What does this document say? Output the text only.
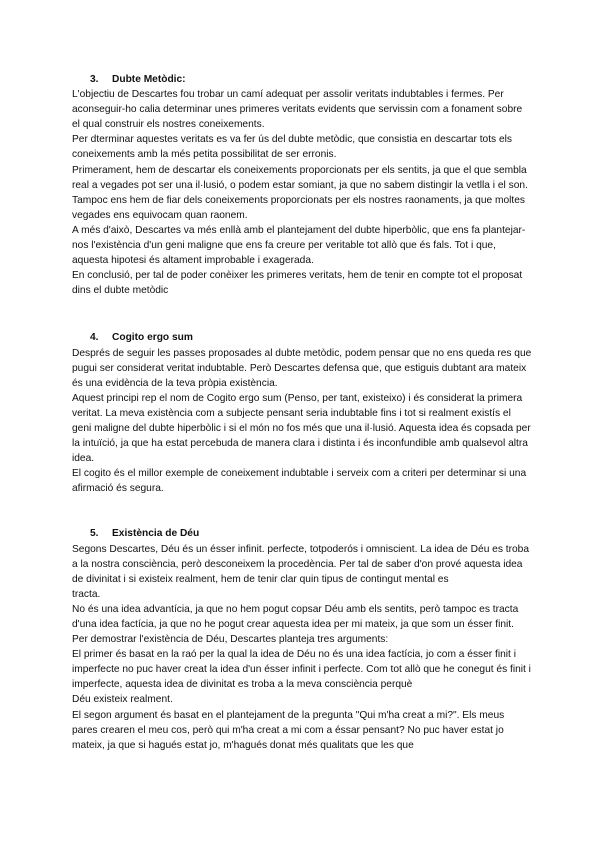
3.	Dubte Metòdic:

L'objectiu de Descartes fou trobar un camí adequat per assolir veritats indubtables i fermes. Per aconseguir-ho calia determinar unes primeres veritats evidents que servissin com a fonament sobre el qual construir els nostres coneixements.

Per dterminar aquestes veritats es va fer ús del dubte metòdic, que consistia en descartar tots els coneixements amb la més petita possibilitat de ser erronis.

Primerament, hem de descartar els coneixements proporcionats per els sentits, ja que el que sembla real a vegades pot ser una il·lusió, o podem estar somiant, ja que no sabem distingir la vetlla i el son. Tampoc ens hem de fiar dels coneixements proporcionats per els nostres raonaments, ja que moltes vegades ens equivocam quan raonem.

A més d'això, Descartes va més enllà amb el plantejament del dubte hiperbòlic, que ens fa plantejar-nos l'existència d'un geni maligne que ens fa creure per veritable tot allò que és fals. Tot i que, aquesta hipotesi és altament improbable i exagerada.

En conclusió, per tal de poder conèixer les primeres veritats, hem de tenir en compte tot el proposat dins el dubte metòdic

4.	Cogito ergo sum

Després de seguir les passes proposades al dubte metòdic, podem pensar que no ens queda res que pugui ser considerat veritat indubtable. Però Descartes defensa que, que estiguis dubtant ara mateix és una evidència de la teva pròpia existència.

Aquest principi rep el nom de Cogito ergo sum (Penso, per tant, existeixo) i és considerat la primera veritat. La meva existència com a subjecte pensant seria indubtable fins i tot si realment existís el geni maligne del dubte hiperbòlic i si el món no fos més que una il·lusió. Aquesta idea és copsada per la intuïció, ja que ha estat percebuda de manera clara i distinta i és inconfundible amb qualsevol altra idea.

El cogito és el millor exemple de coneixement indubtable i serveix com a criteri per determinar si una afirmació és segura.

5.	Existència de Déu

Segons Descartes, Déu és un ésser infinit. perfecte, totpoderós i omniscient. La idea de Déu es troba a la nostra consciència, però desconeixem la procedència. Per tal de saber d'on prové aquesta idea de divinitat i si existeix realment, hem de tenir clar quin tipus de contingut mental es

tracta.

No és una idea advantícia, ja que no hem pogut copsar Déu amb els sentits, però tampoc es tracta d'una idea factícia, ja que no he pogut crear aquesta idea per mi mateix, ja que som un ésser finit.

Per demostrar l'existència de Déu, Descartes planteja tres arguments:

El primer és basat en la raó per la qual la idea de Déu no és una idea factícia, jo com a ésser finit i imperfecte no puc haver creat la idea d'un ésser infinit i perfecte. Com tot allò que he conegut és finit i imperfecte, aquesta idea de divinitat es troba a la meva consciència perquè

Déu existeix realment.

El segon argument és basat en el plantejament de la pregunta "Qui m'ha creat a mi?". Els meus pares crearen el meu cos, però qui m'ha creat a mi com a éssar pensant? No puc haver estat jo mateix, ja que si hagués estat jo, m'hagués donat més qualitats que les que
